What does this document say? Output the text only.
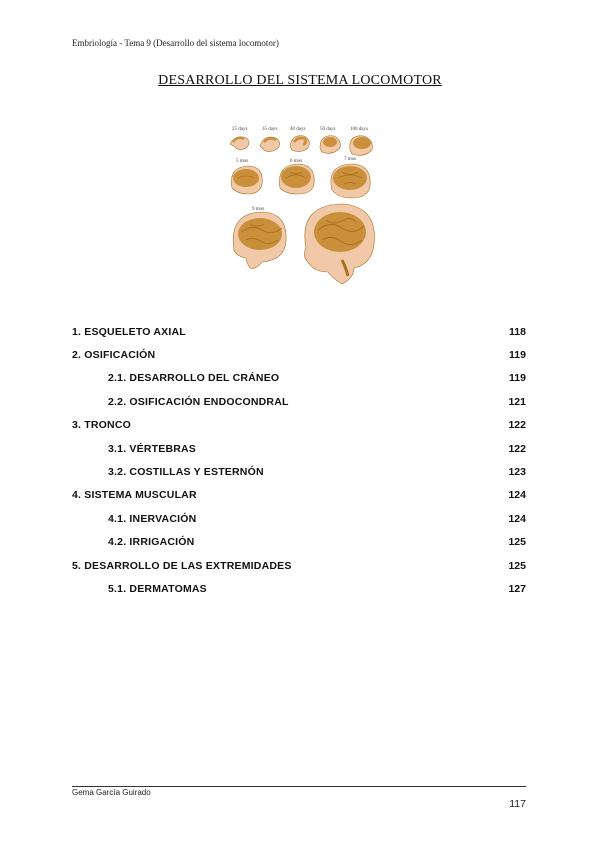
Embriología - Tema 9 (Desarrollo del sistema locomotor)
DESARROLLO DEL SISTEMA LOCOMOTOR
25 days	35 days	40 days	50 days	100 days
5 mos	6 mos	7 mos
9 mos
1. ESQUELETO AXIAL	118
2. OSIFICACIÓN	119
2.1. DESARROLLO DEL CRÁNEO	119
2.2. OSIFICACIÓN ENDOCONDRAL	121
3. TRONCO	122
3.1. VÉRTEBRAS	122
3.2. COSTILLAS Y ESTERNÓN	123
4. SISTEMA MUSCULAR	124
4.1. INERVACIÓN	124
4.2. IRRIGACIÓN	125
5. DESARROLLO DE LAS EXTREMIDADES	125
5.1. DERMATOMAS	127
Gema García Guirado
117
